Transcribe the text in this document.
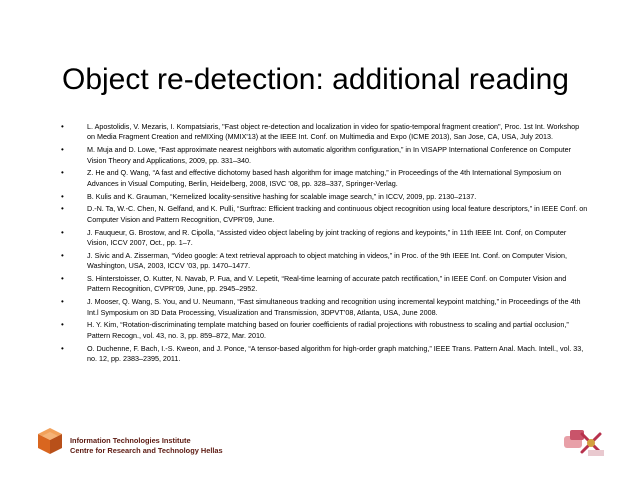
Object re-detection: additional reading
•	L. Apostolidis, V. Mezaris, I. Kompatsiaris, "Fast object re-detection and localization in video for spatio-temporal fragment creation", Proc. 1st Int. Workshop on Media Fragment Creation and reMIXing (MMIX'13) at the IEEE Int. Conf. on Multimedia and Expo (ICME 2013), San Jose, CA, USA, July 2013.
•	M. Muja and D. Lowe, “Fast approximate nearest neighbors with automatic algorithm configuration,” in In VISAPP International Conference on Computer Vision Theory and Applications, 2009, pp. 331–340.
•	Z. He and Q. Wang, “A fast and effective dichotomy based hash algorithm for image matching,” in Proceedings of the 4th International Symposium on Advances in Visual Computing, Berlin, Heidelberg, 2008, ISVC ’08, pp. 328–337, Springer-Verlag.
•	B. Kulis and K. Grauman, “Kernelized locality-sensitive hashing for scalable image search,” in ICCV, 2009, pp. 2130–2137.
•	D.-N. Ta, W.-C. Chen, N. Gelfand, and K. Pulli, “Surftrac: Efficient tracking and continuous object recognition using local feature descriptors,” in IEEE Conf. on Computer Vision and Pattern Recognition, CVPR’09, June.
•	J. Fauqueur, G. Brostow, and R. Cipolla, “Assisted video object labeling by joint tracking of regions and keypoints,” in 11th IEEE Int. Conf, on Computer Vision, ICCV 2007, Oct., pp. 1–7.
•	J. Sivic and A. Zisserman, “Video google: A text retrieval approach to object matching in videos,” in Proc. of the 9th IEEE Int. Conf. on Computer Vision, Washington, USA, 2003, ICCV ’03, pp. 1470–1477.
•	S. Hinterstoisser, O. Kutter, N. Navab, P. Fua, and V. Lepetit, “Real-time learning of accurate patch rectification,” in IEEE Conf. on Computer Vision and Pattern Recognition, CVPR’09, June, pp. 2945–2952.
•	J. Mooser, Q. Wang, S. You, and U. Neumann, “Fast simultaneous tracking and recognition using incremental keypoint matching,” in Proceedings of the 4th Int.l Symposium on 3D Data Processing, Visualization and Transmission, 3DPVT’08, Atlanta, USA, June 2008.
•	H. Y. Kim, “Rotation-discriminating template matching based on fourier coefficients of radial projections with robustness to scaling and partial occlusion,” Pattern Recogn., vol. 43, no. 3, pp. 859–872, Mar. 2010.
•	O. Duchenne, F. Bach, I.-S. Kweon, and J. Ponce, “A tensor-based algorithm for high-order graph matching,” IEEE Trans. Pattern Anal. Mach. Intell., vol. 33, no. 12, pp. 2383–2395, 2011.
Information Technologies Institute
Centre for Research and Technology Hellas
